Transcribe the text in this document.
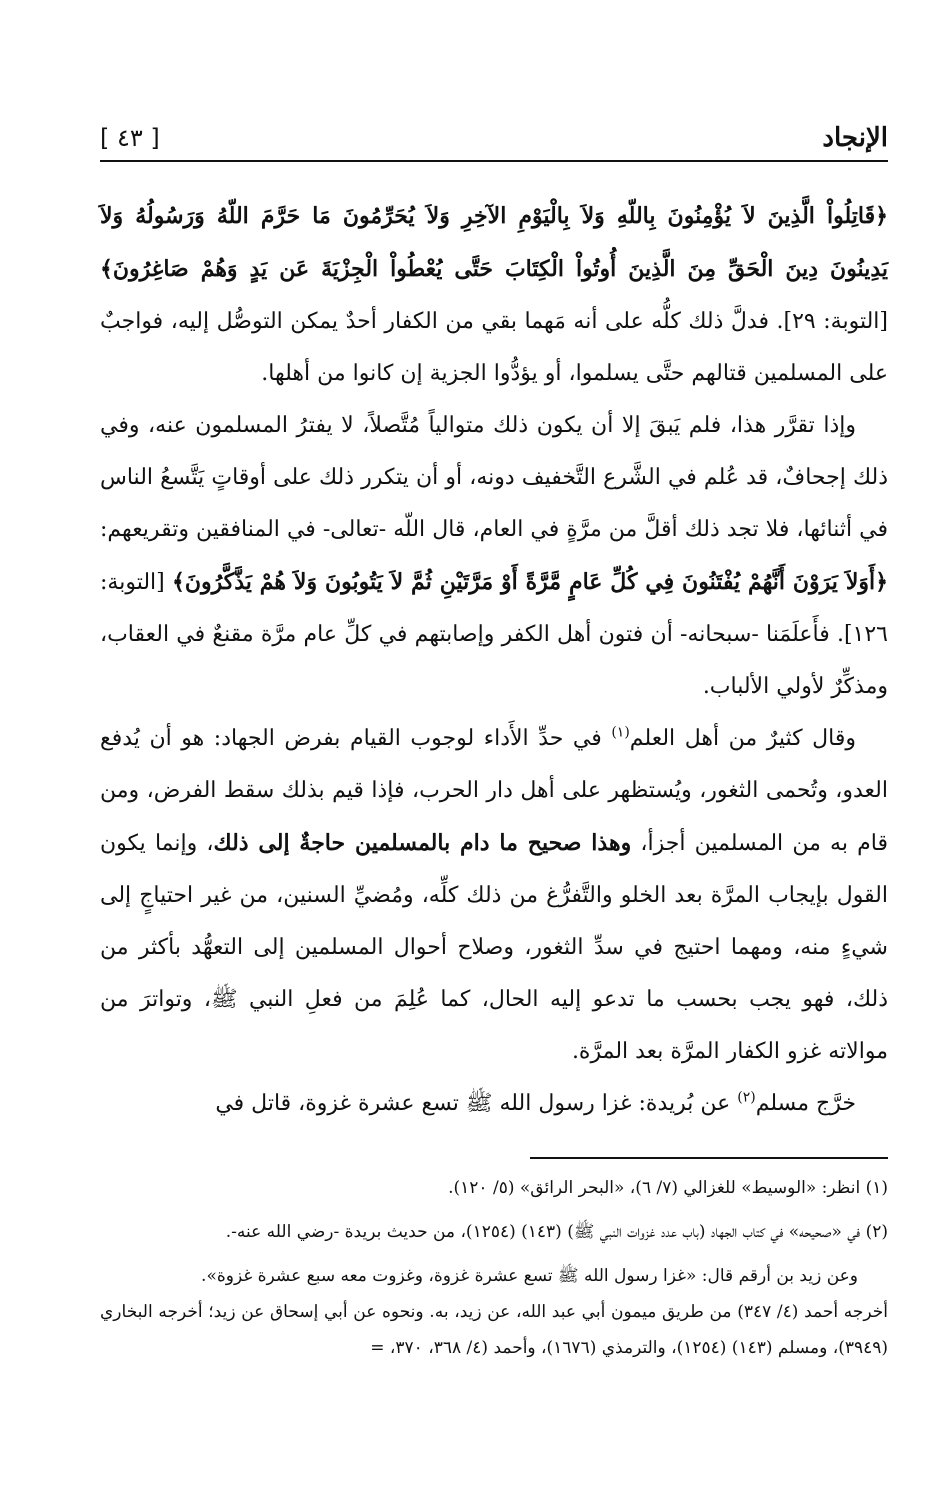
الإنجاد
[ ٤٣ ]

﴿قَاتِلُواْ الَّذِينَ لاَ يُؤْمِنُونَ بِاللّهِ وَلاَ بِالْيَوْمِ الآخِرِ وَلاَ يُحَرِّمُونَ مَا حَرَّمَ اللّهُ وَرَسُولُهُ وَلاَ يَدِينُونَ دِينَ الْحَقِّ مِنَ الَّذِينَ أُوتُواْ الْكِتَابَ حَتَّى يُعْطُواْ الْجِزْيَةَ عَن يَدٍ وَهُمْ صَاغِرُونَ﴾ [التوبة: ٢٩]. فدلَّ ذلك كلُّه على أنه مَهما بقي من الكفار أحدٌ يمكن التوصُّل إليه، فواجبٌ على المسلمين قتالهم حتَّى يسلموا، أو يؤدُّوا الجزية إن كانوا من أهلها.

وإذا تقرَّر هذا، فلم يَبقَ إلا أن يكون ذلك متوالياً مُتَّصلاً، لا يفترُ المسلمون عنه، وفي ذلك إجحافٌ، قد عُلم في الشَّرع التَّخفيف دونه، أو أن يتكرر ذلك على أوقاتٍ يَتَّسعُ الناس في أثنائها، فلا تجد ذلك أقلَّ من مرَّةٍ في العام، قال اللّه -تعالى- في المنافقين وتقريعهم: ﴿أَوَلاَ يَرَوْنَ أَنَّهُمْ يُفْتَنُونَ فِي كُلِّ عَامٍ مَّرَّةً أَوْ مَرَّتَيْنِ ثُمَّ لاَ يَتُوبُونَ وَلاَ هُمْ يَذَّكَّرُونَ﴾ [التوبة: ١٢٦]. فأَعلَمَنا -سبحانه- أن فتون أهل الكفر وإصابتهم في كلِّ عام مرَّة مقنعٌ في العقاب، ومذكِّرٌ لأولي الألباب.

وقال كثيرٌ من أهل العلم$^{(١)}$ في حدِّ الأَداء لوجوب القيام بفرض الجهاد: هو أن يُدفع العدو، وتُحمى الثغور، ويُستظهر على أهل دار الحرب، فإذا قيم بذلك سقط الفرض، ومن قام به من المسلمين أجزأ، وهذا صحيح ما دام بالمسلمين حاجةٌ إلى ذلك، وإنما يكون القول بإيجاب المرَّة بعد الخلو والتَّفرُّغ من ذلك كلِّه، ومُضيِّ السنين، من غير احتياجٍ إلى شيءٍ منه، ومهما احتيج في سدِّ الثغور، وصلاح أحوال المسلمين إلى التعهُّد بأكثر من ذلك، فهو يجب بحسب ما تدعو إليه الحال، كما عُلِمَ من فعلِ النبي ﷺ، وتواترَ من موالاته غزو الكفار المرَّة بعد المرَّة.

خرَّج مسلم$^{(٢)}$ عن بُريدة: غزا رسول الله ﷺ تسع عشرة غزوة، قاتل في

(١) انظر: «الوسيط» للغزالي (٧/ ٦)، «البحر الرائق» (٥/ ١٢٠).

(٢) في «صحيحه» في كتاب الجهاد (باب عدد غزوات النبي ﷺ) (١٤٣) (١٢٥٤)، من حديث بريدة -رضي الله عنه-.

وعن زيد بن أرقم قال: «غزا رسول الله ﷺ تسع عشرة غزوة، وغزوت معه سبع عشرة غزوة».

أخرجه أحمد (٤/ ٣٤٧) من طريق ميمون أبي عبد الله، عن زيد، به. ونحوه عن أبي إسحاق عن زيد؛ أخرجه البخاري (٣٩٤٩)، ومسلم (١٤٣) (١٢٥٤)، والترمذي (١٦٧٦)، وأحمد (٤/ ٣٦٨، ٣٧٠، =
